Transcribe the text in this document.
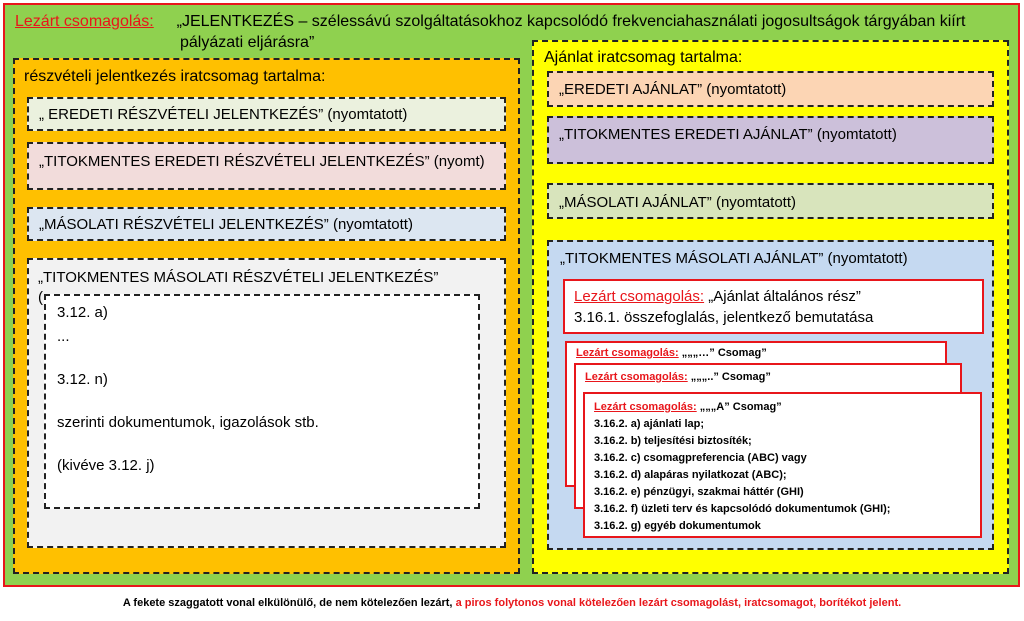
Lezárt csomagolás: „JELENTKEZÉS – szélessávú szolgáltatásokhoz kapcsolódó frekvenciahasználati jogosultságok tárgyában kiírt
pályázati eljárásra”
részvételi jelentkezés iratcsomag tartalma:
„ EREDETI RÉSZVÉTELI JELENTKEZÉS” (nyomtatott)
„TITOKMENTES EREDETI RÉSZVÉTELI JELENTKEZÉS” (nyomt)
„MÁSOLATI RÉSZVÉTELI JELENTKEZÉS” (nyomtatott)
„TITOKMENTES MÁSOLATI RÉSZVÉTELI JELENTKEZÉS”
(
3.12. a)
...
3.12. n)
szerinti dokumentumok, igazolások stb.
(kivéve 3.12. j)
Ajánlat iratcsomag tartalma:
„EREDETI AJÁNLAT” (nyomtatott)
„TITOKMENTES EREDETI AJÁNLAT” (nyomtatott)
„MÁSOLATI AJÁNLAT” (nyomtatott)
„TITOKMENTES MÁSOLATI AJÁNLAT” (nyomtatott)
Lezárt csomagolás: „Ajánlat általános rész”
3.16.1. összefoglalás, jelentkező bemutatása
Lezárt csomagolás: „„„…” Csomag”
Lezárt csomagolás: „„„..” Csomag”
Lezárt csomagolás: „„„A” Csomag”
3.16.2. a) ajánlati lap;
3.16.2. b) teljesítési biztosíték;
3.16.2. c) csomagpreferencia (ABC) vagy
3.16.2. d) alapáras nyilatkozat (ABC);
3.16.2. e) pénzügyi, szakmai háttér (GHI)
3.16.2. f) üzleti terv és kapcsolódó dokumentumok (GHI);
3.16.2. g) egyéb dokumentumok
A fekete szaggatott vonal elkülönülő, de nem kötelezően lezárt, a piros folytonos vonal kötelezően lezárt csomagolást, iratcsomagot, borítékot jelent.
